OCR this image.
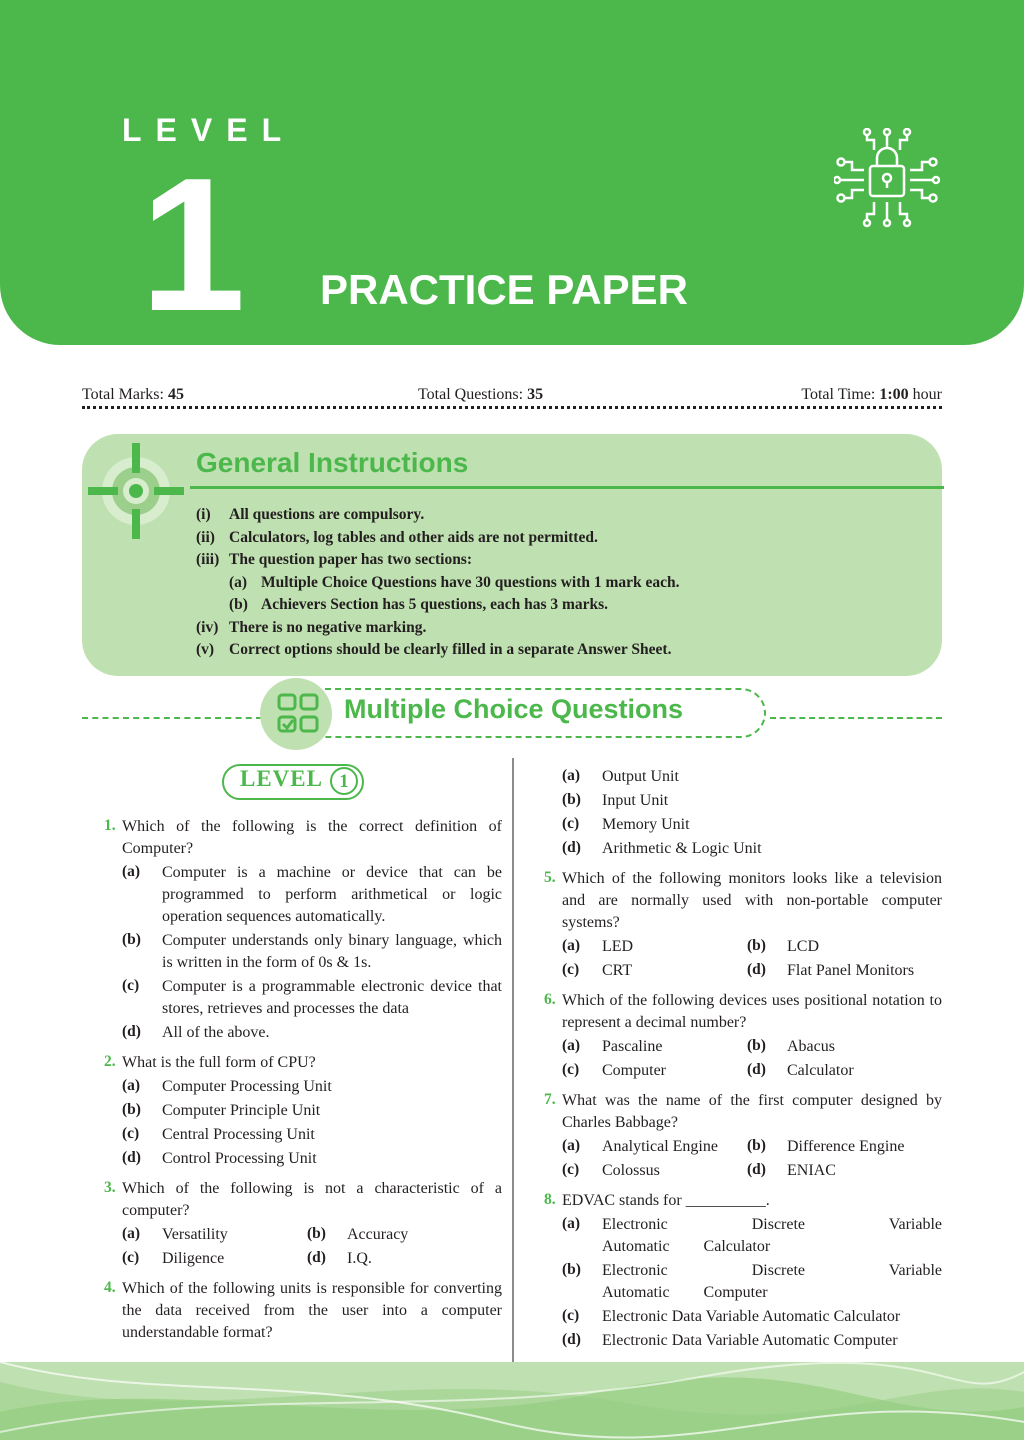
LEVEL
1 PRACTICE PAPER
Total Marks: 45	Total Questions: 35	Total Time: 1:00 hour
General Instructions
(i) All questions are compulsory.
(ii) Calculators, log tables and other aids are not permitted.
(iii) The question paper has two sections:
(a) Multiple Choice Questions have 30 questions with 1 mark each.
(b) Achievers Section has 5 questions, each has 3 marks.
(iv) There is no negative marking.
(v) Correct options should be clearly filled in a separate Answer Sheet.
Multiple Choice Questions
LEVEL 1
1. Which of the following is the correct definition of Computer?
(a) Computer is a machine or device that can be programmed to perform arithmetical or logic operation sequences automatically.
(b) Computer understands only binary language, which is written in the form of 0s & 1s.
(c) Computer is a programmable electronic device that stores, retrieves and processes the data
(d) All of the above.
2. What is the full form of CPU?
(a) Computer Processing Unit
(b) Computer Principle Unit
(c) Central Processing Unit
(d) Control Processing Unit
3. Which of the following is not a characteristic of a computer?
(a) Versatility	(b) Accuracy
(c) Diligence	(d) I.Q.
4. Which of the following units is responsible for converting the data received from the user into a computer understandable format?
(a) Output Unit
(b) Input Unit
(c) Memory Unit
(d) Arithmetic & Logic Unit
5. Which of the following monitors looks like a television and are normally used with non-portable computer systems?
(a) LED	(b) LCD
(c) CRT	(d) Flat Panel Monitors
6. Which of the following devices uses positional notation to represent a decimal number?
(a) Pascaline	(b) Abacus
(c) Computer	(d) Calculator
7. What was the name of the first computer designed by Charles Babbage?
(a) Analytical Engine (b) Difference Engine
(c) Colossus	(d) ENIAC
8. EDVAC stands for __________.
(a) Electronic Discrete Variable Automatic Calculator
(b) Electronic Discrete Variable Automatic Computer
(c) Electronic Data Variable Automatic Calculator
(d) Electronic Data Variable Automatic Computer
